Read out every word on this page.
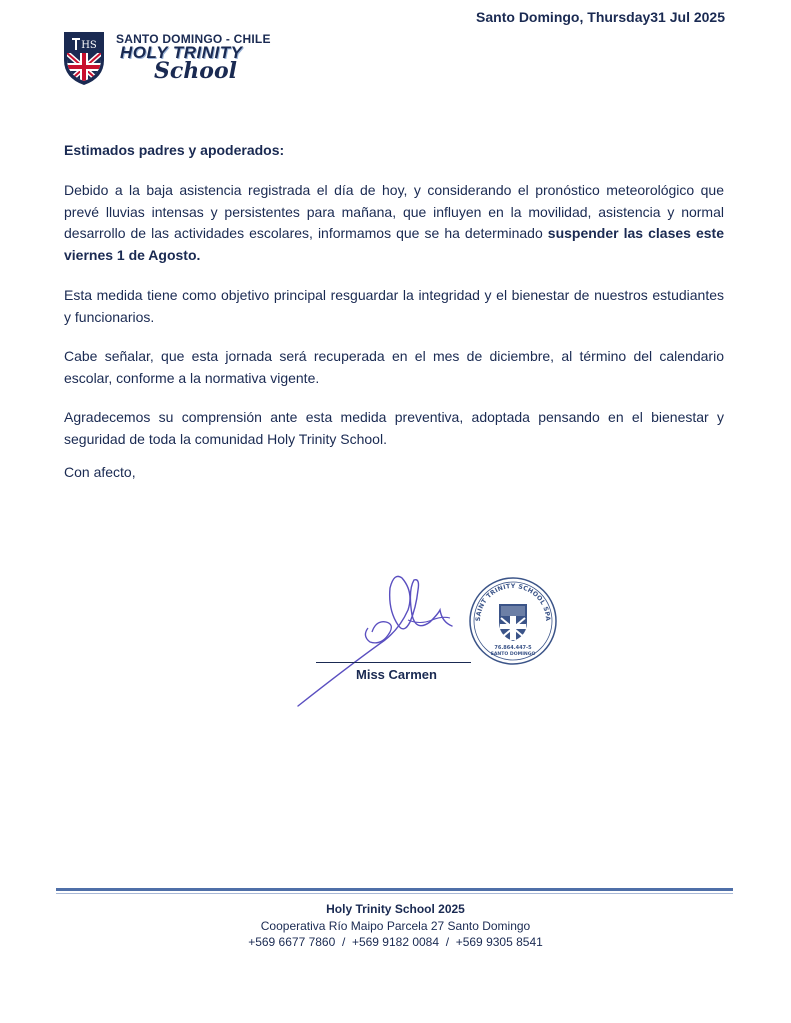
Santo Domingo, Thursday31 Jul 2025
HS SANTO DOMINGO - CHILE
HOLY TRINITY
School
Estimados padres y apoderados:
Debido a la baja asistencia registrada el día de hoy, y considerando el pronóstico meteorológico que prevé lluvias intensas y persistentes para mañana, que influyen en la movilidad, asistencia y normal desarrollo de las actividades escolares, informamos que se ha determinado suspender las clases este viernes 1 de Agosto.
Esta medida tiene como objetivo principal resguardar la integridad y el bienestar de nuestros estudiantes y funcionarios.
Cabe señalar, que esta jornada será recuperada en el mes de diciembre, al término del calendario escolar, conforme a la normativa vigente.
Agradecemos su comprensión ante esta medida preventiva, adoptada pensando en el bienestar y seguridad de toda la comunidad Holy Trinity School.
Con afecto,
Miss Carmen
SAINT TRINITY SCHOOL SPA
76.864.447-5
SANTO DOMINGO
Holy Trinity School 2025
Cooperativa Río Maipo Parcela 27 Santo Domingo
+569 6677 7860  /  +569 9182 0084  /  +569 9305 8541
